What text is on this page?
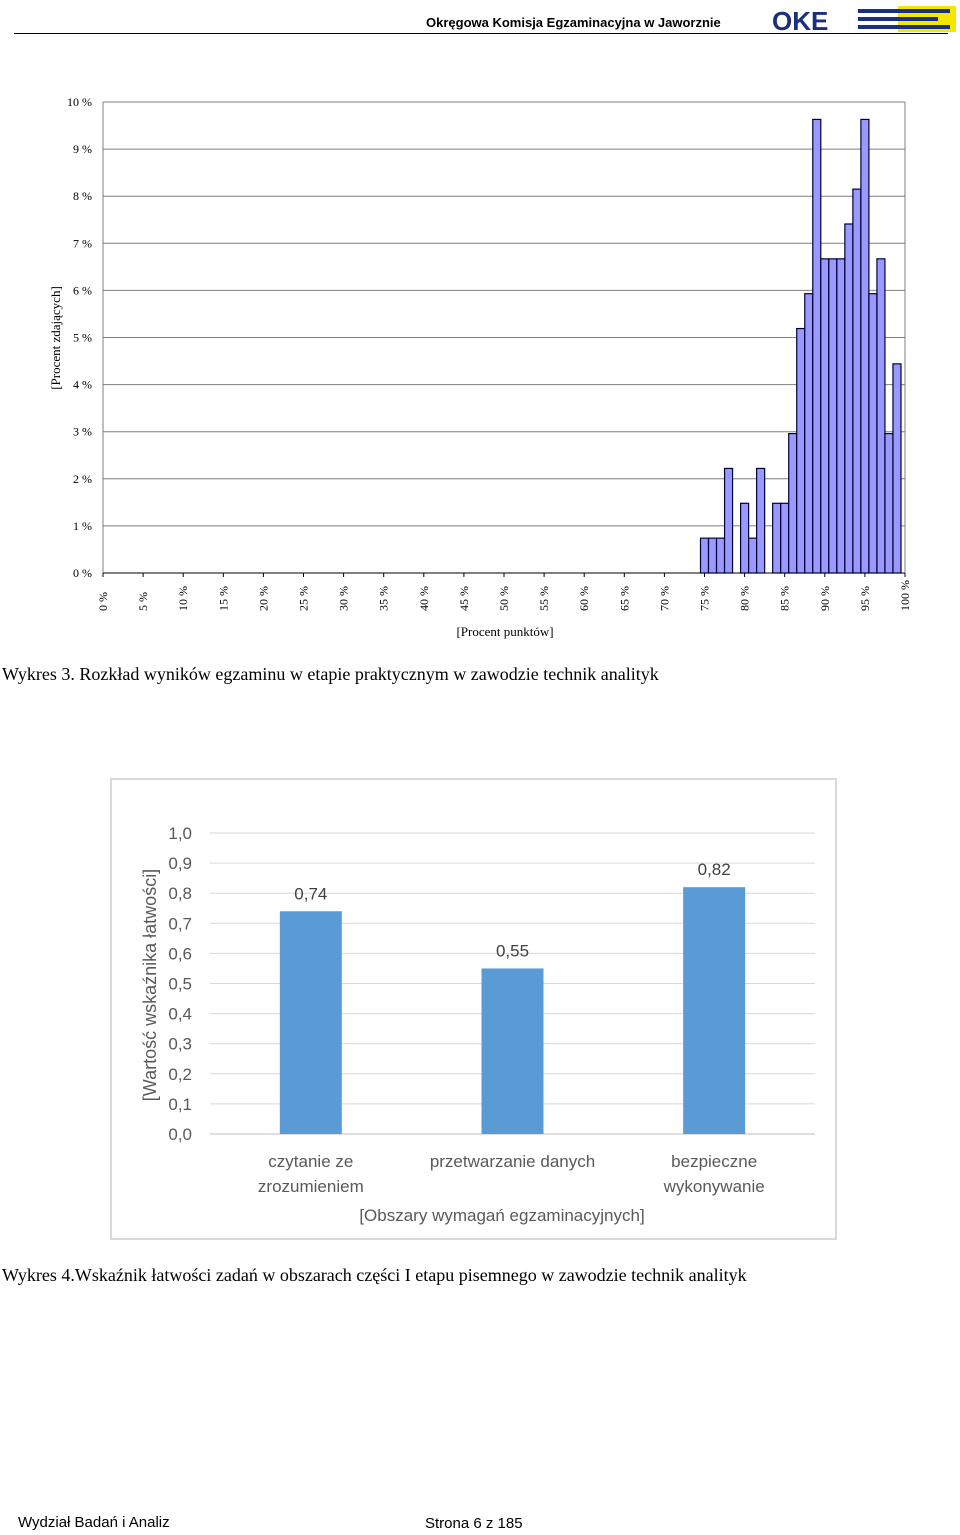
Okręgowa Komisja Egzaminacyjna w Jaworznie OKE
0 %
1 %
2 %
3 %
4 %
5 %
6 %
7 %
8 %
9 %
10 %
0 % 5 % 10 % 15 % 20 % 25 % 30 % 35 % 40 % 45 % 50 % 55 % 60 % 65 % 70 % 75 % 80 % 85 % 90 % 95 % 100 %
[Procent punktów]
[Procent zdających]
Wykres 3. Rozkład wyników egzaminu w etapie praktycznym w zawodzie technik analityk
0,0
0,1
0,2
0,3
0,4
0,5
0,6
0,7
0,8
0,9
1,0
0,74
czytanie ze
zrozumieniem
0,55
przetwarzanie danych
0,82
bezpieczne
wykonywanie
[Obszary wymagań egzaminacyjnych]
[Wartość wskaźnika łatwości]
Wykres 4.Wskaźnik łatwości zadań w obszarach części I etapu pisemnego w zawodzie technik analityk
Wydział Badań i Analiz	Strona 6 z 185
